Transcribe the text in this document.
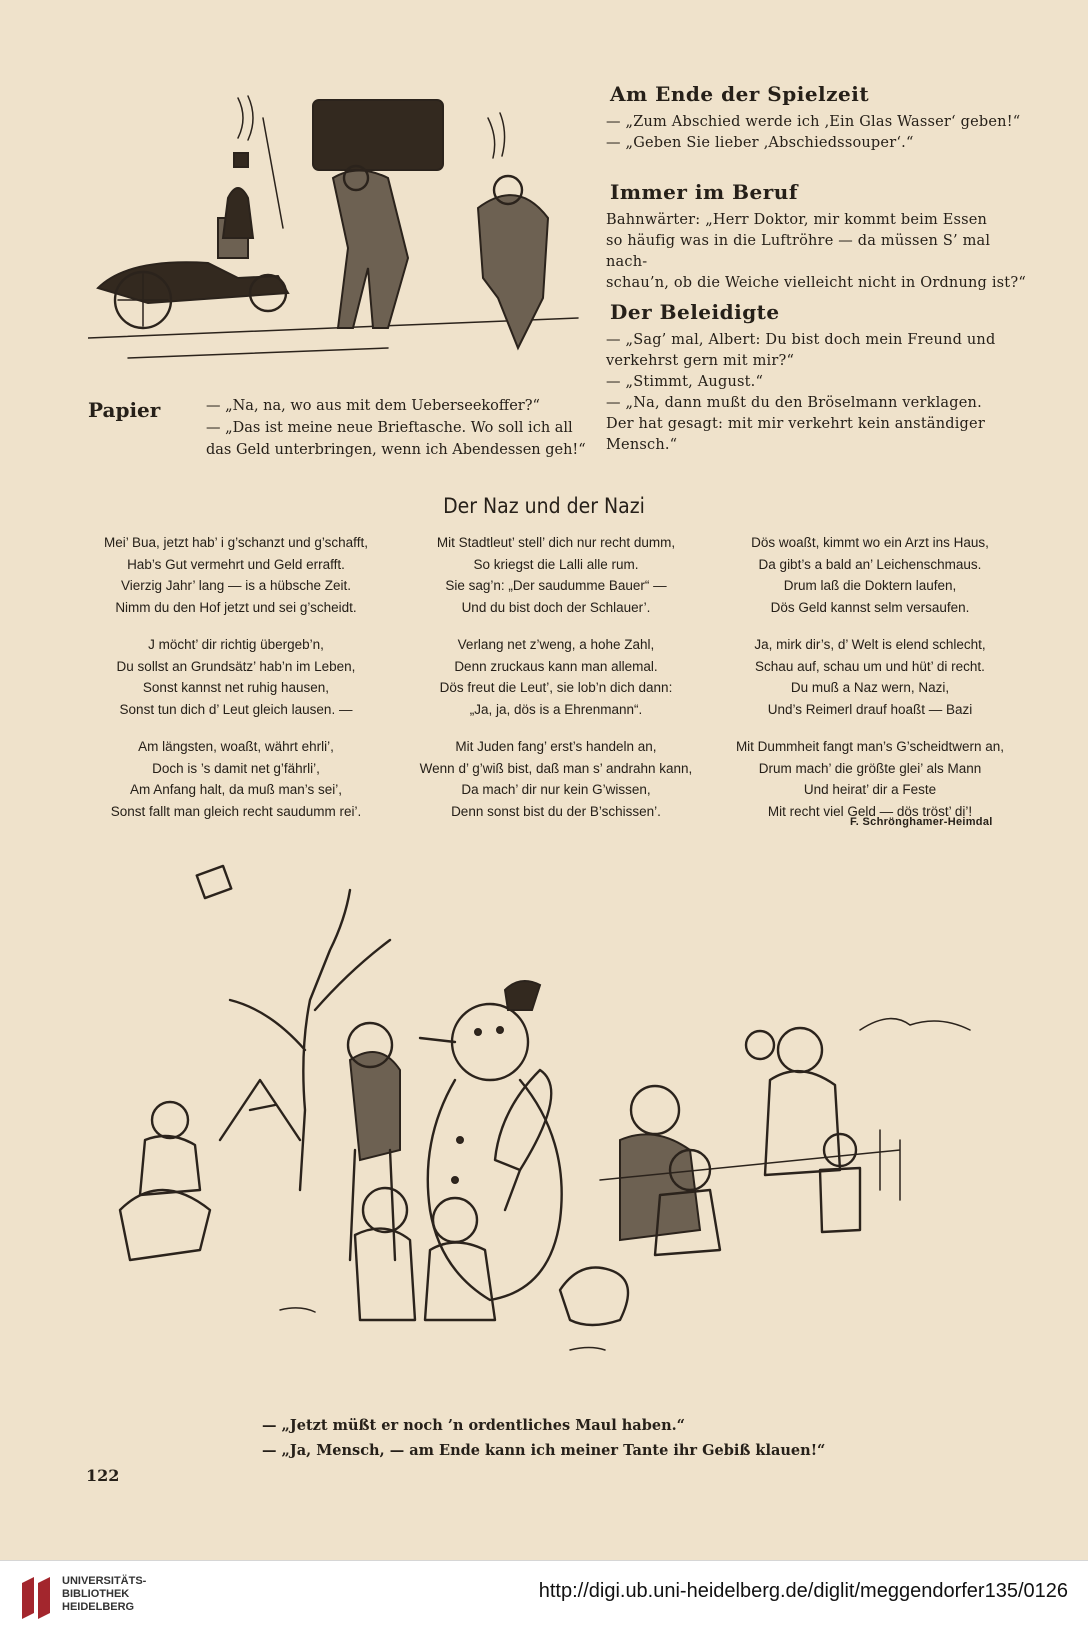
Am Ende der Spielzeit

— „Zum Abschied werde ich ‚Ein Glas Wasser‘ geben!“

— „Geben Sie lieber ‚Abschiedssouper‘.“

Immer im Beruf

Bahnwärter: „Herr Doktor, mir kommt beim Essen

so häufig was in die Luftröhre — da müssen S’ mal nach-

schau’n, ob die Weiche vielleicht nicht in Ordnung ist?“

Der Beleidigte

— „Sag’ mal, Albert: Du bist doch mein Freund und

verkehrst gern mit mir?“

— „Stimmt, August.“

— „Na, dann mußt du den Bröselmann verklagen.

Der hat gesagt: mit mir verkehrt kein anständiger

Mensch.“

Papier	— „Na, na, wo aus mit dem Ueberseekoffer?“

— „Das ist meine neue Brieftasche. Wo soll ich all

das Geld unterbringen, wenn ich Abendessen geh!“

Der Naz und der Nazi
Mei’ Bua, jetzt hab’ i g’schanzt und g’schafft,
Hab’s Gut vermehrt und Geld errafft.
Vierzig Jahr’ lang — is a hübsche Zeit.
Nimm du den Hof jetzt und sei g’scheidt.
J möcht’ dir richtig übergeb’n,
Du sollst an Grundsätz’ hab’n im Leben,
Sonst kannst net ruhig hausen,
Sonst tun dich d’ Leut gleich lausen. —
Am längsten, woaßt, währt ehrli’,
Doch is ’s damit net g’fährli’,
Am Anfang halt, da muß man’s sei’,
Sonst fallt man gleich recht saudumm rei’.
Mit Stadtleut’ stell’ dich nur recht dumm,
So kriegst die Lalli alle rum.
Sie sag’n: „Der saudumme Bauer“ —
Und du bist doch der Schlauer’.
Verlang net z’weng, a hohe Zahl,
Denn zruckaus kann man allemal.
Dös freut die Leut’, sie lob’n dich dann:
„Ja, ja, dös is a Ehrenmann“.
Mit Juden fang’ erst’s handeln an,
Wenn d’ g’wiß bist, daß man s’ andrahn kann,
Da mach’ dir nur kein G’wissen,
Denn sonst bist du der B’schissen’.
Dös woaßt, kimmt wo ein Arzt ins Haus,
Da gibt’s a bald an’ Leichenschmaus.
Drum laß die Doktern laufen,
Dös Geld kannst selm versaufen.
Ja, mirk dir’s, d’ Welt is elend schlecht,
Schau auf, schau um und hüt’ di recht.
Du muß a Naz wern, Nazi,
Und’s Reimerl drauf hoaßt — Bazi
Mit Dummheit fangt man’s G’scheidtwern an,
Drum mach’ die größte glei’ als Mann
Und heirat’ dir a Feste
Mit recht viel Geld — dös tröst’ di’!
F. Schrönghamer-Heimdal

— „Jetzt müßt er noch ’n ordentliches Maul haben.“

— „Ja, Mensch, — am Ende kann ich meiner Tante ihr Gebiß klauen!“

122
UNIVERSITÄTS-
BIBLIOTHEK
HEIDELBERG
http://digi.ub.uni-heidelberg.de/diglit/meggendorfer135/0126
